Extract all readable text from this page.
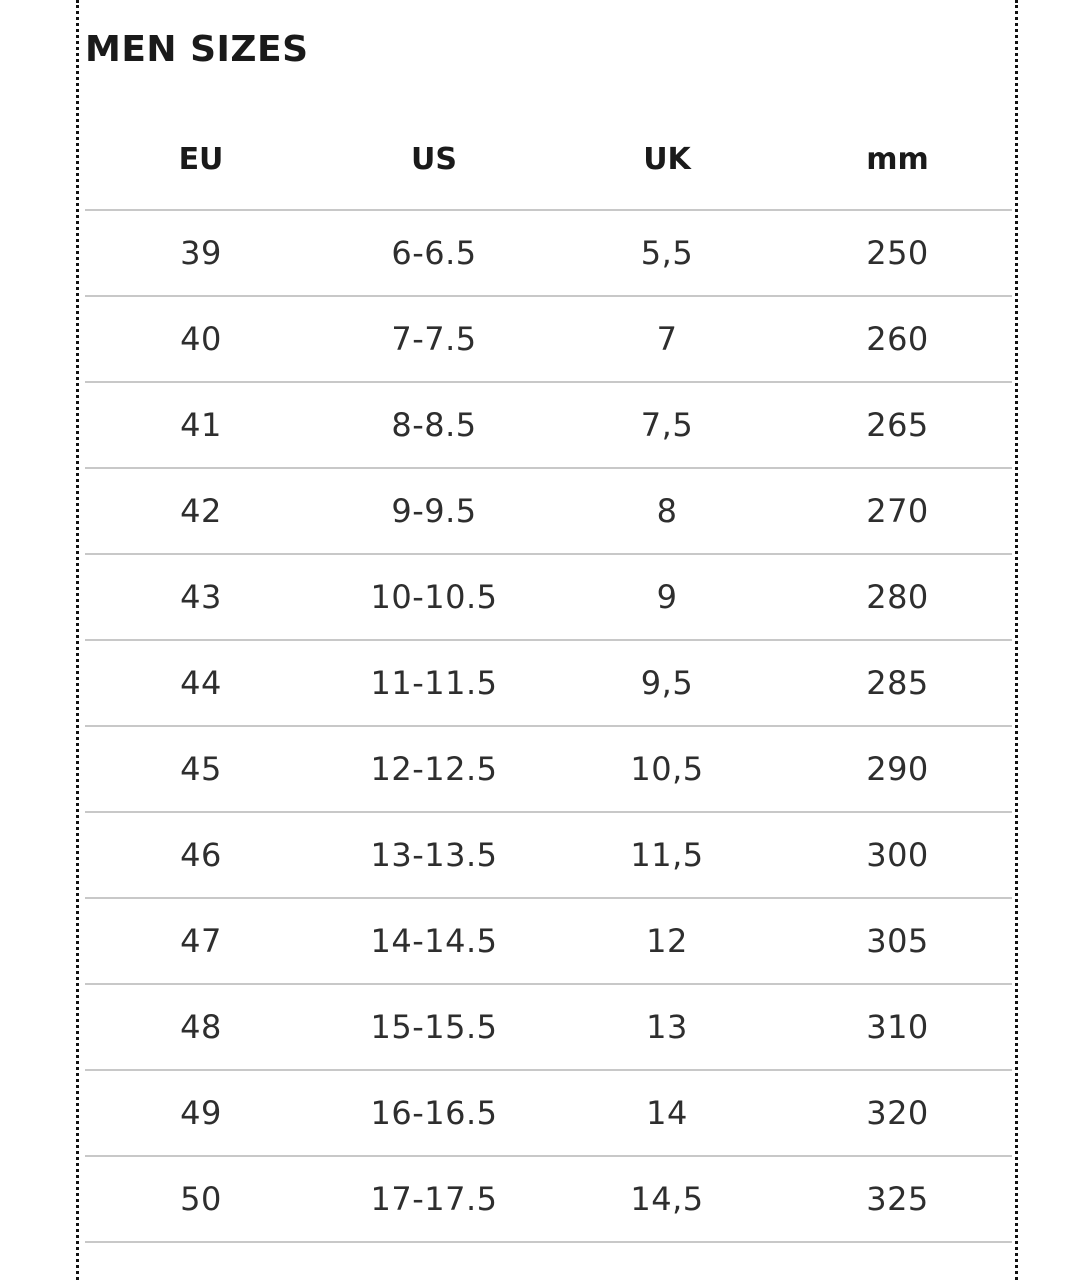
MEN SIZES
EU	US	UK	mm

39	6-6.5	5,5	250
40	7-7.5	7	260
41	8-8.5	7,5	265
42	9-9.5	8	270
43	10-10.5	9	280
44	11-11.5	9,5	285
45	12-12.5	10,5	290
46	13-13.5	11,5	300
47	14-14.5	12	305
48	15-15.5	13	310
49	16-16.5	14	320
50	17-17.5	14,5	325
